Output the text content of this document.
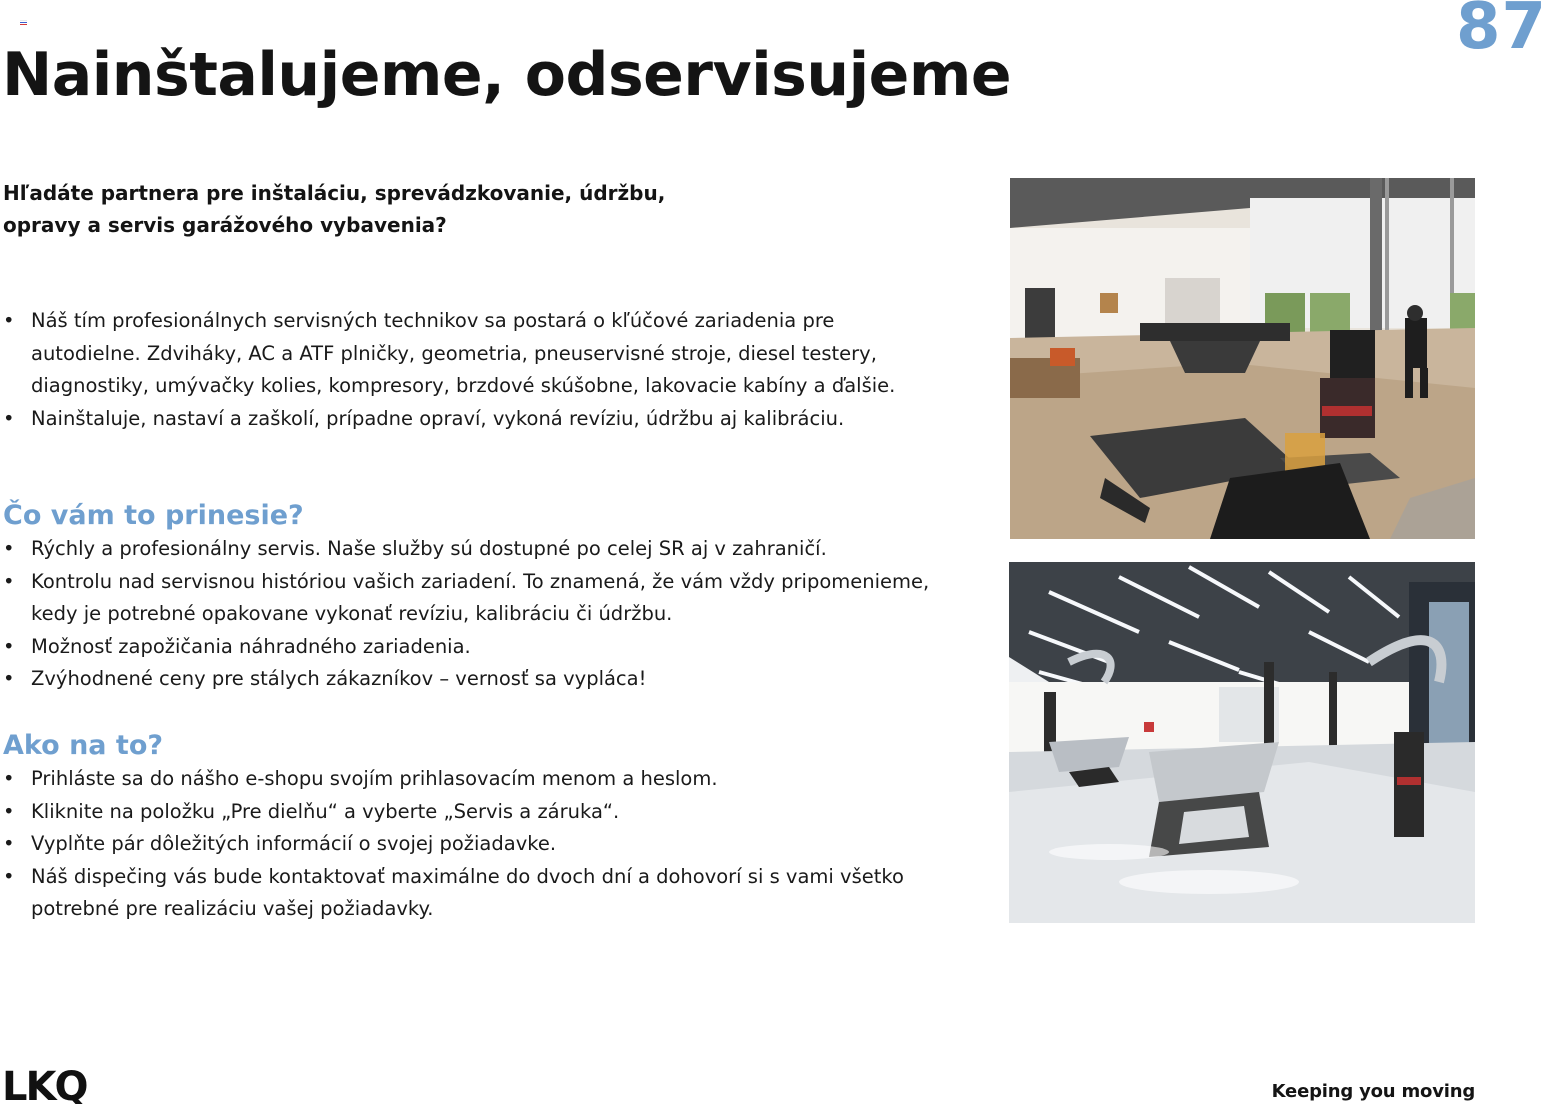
87
Nainštalujeme, odservisujeme

Hľadáte partnera pre inštaláciu, sprevádzkovanie, údržbu,
opravy a servis garážového vybavenia?

• Náš tím profesionálnych servisných technikov sa postará o kľúčové zariadenia pre autodielne. Zdviháky, AC a ATF plničky, geometria, pneuservisné stroje, diesel testery, diagnostiky, umývačky kolies, kompresory, brzdové skúšobne, lakovacie kabíny a ďalšie.
• Nainštaluje, nastaví a zaškolí, prípadne opraví, vykoná revíziu, údržbu aj kalibráciu.
Čo vám to prinesie?
• Rýchly a profesionálny servis. Naše služby sú dostupné po celej SR aj v zahraničí.
• Kontrolu nad servisnou históriou vašich zariadení. To znamená, že vám vždy pripomenieme, kedy je potrebné opakovane vykonať revíziu, kalibráciu či údržbu.
• Možnosť zapožičania náhradného zariadenia.
• Zvýhodnené ceny pre stálych zákazníkov – vernosť sa vypláca!
Ako na to?
• Prihláste sa do nášho e-shopu svojím prihlasovacím menom a heslom.
• Kliknite na položku „Pre dielňu“ a vyberte „Servis a záruka“.
• Vyplňte pár dôležitých informácií o svojej požiadavke.
• Náš dispečing vás bude kontaktovať maximálne do dvoch dní a dohovorí si s vami všetko potrebné pre realizáciu vašej požiadavky.
LKQ	Keeping you moving
